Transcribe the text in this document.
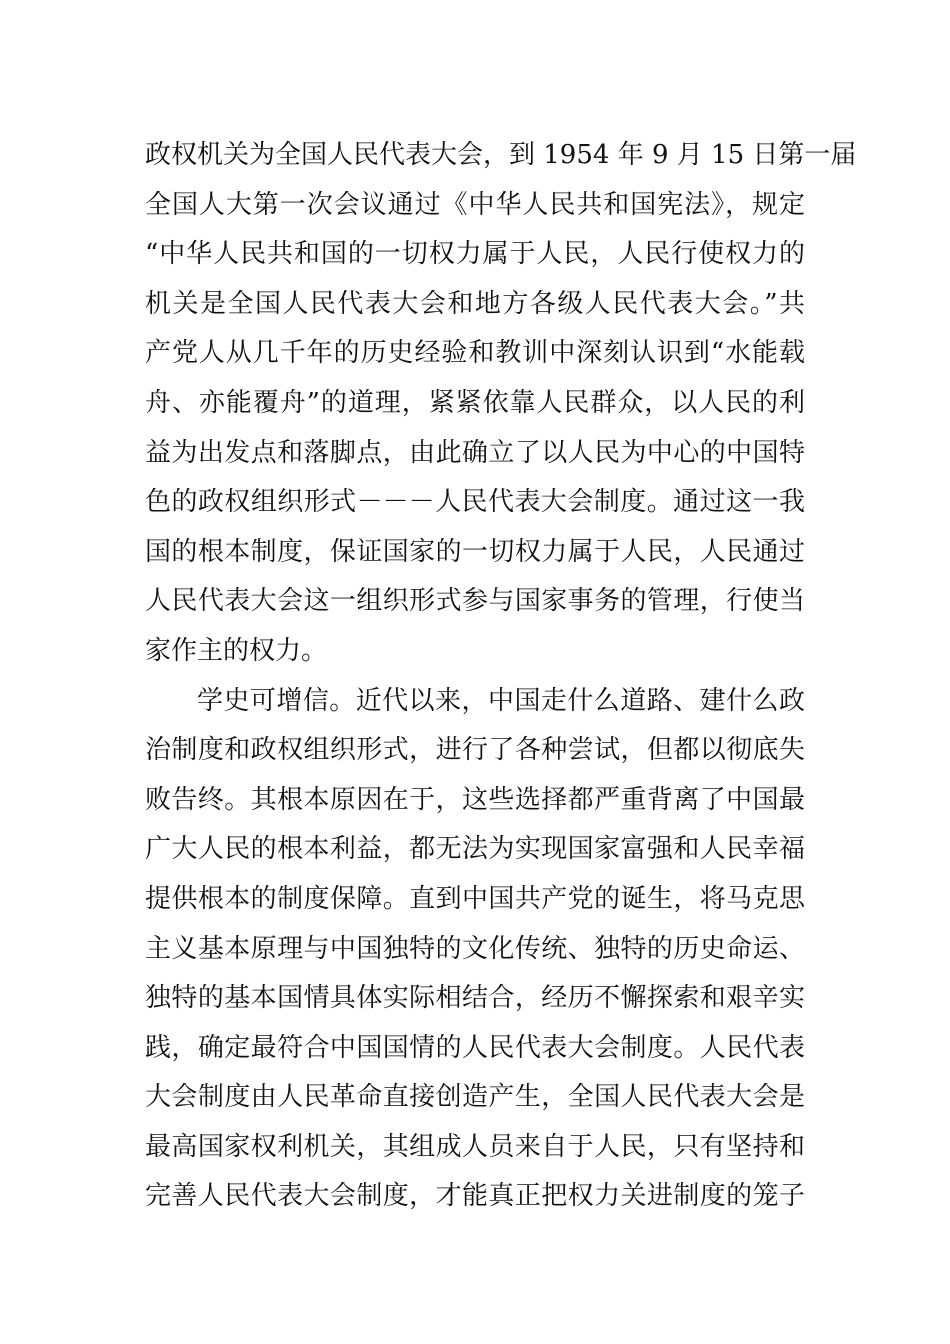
政权机关为全国人民代表大会，到 1954 年 9 月 15 日第一届
全国人大第一次会议通过《中华人民共和国宪法》，规定
“中华人民共和国的一切权力属于人民，人民行使权力的
机关是全国人民代表大会和地方各级人民代表大会。”共
产党人从几千年的历史经验和教训中深刻认识到“水能载
舟、亦能覆舟”的道理，紧紧依靠人民群众，以人民的利
益为出发点和落脚点，由此确立了以人民为中心的中国特
色的政权组织形式－－－人民代表大会制度。通过这一我
国的根本制度，保证国家的一切权力属于人民，人民通过
人民代表大会这一组织形式参与国家事务的管理，行使当
家作主的权力。
学史可增信。近代以来，中国走什么道路、建什么政
治制度和政权组织形式，进行了各种尝试，但都以彻底失
败告终。其根本原因在于，这些选择都严重背离了中国最
广大人民的根本利益，都无法为实现国家富强和人民幸福
提供根本的制度保障。直到中国共产党的诞生，将马克思
主义基本原理与中国独特的文化传统、独特的历史命运、
独特的基本国情具体实际相结合，经历不懈探索和艰辛实
践，确定最符合中国国情的人民代表大会制度。人民代表
大会制度由人民革命直接创造产生，全国人民代表大会是
最高国家权利机关，其组成人员来自于人民，只有坚持和
完善人民代表大会制度，才能真正把权力关进制度的笼子
